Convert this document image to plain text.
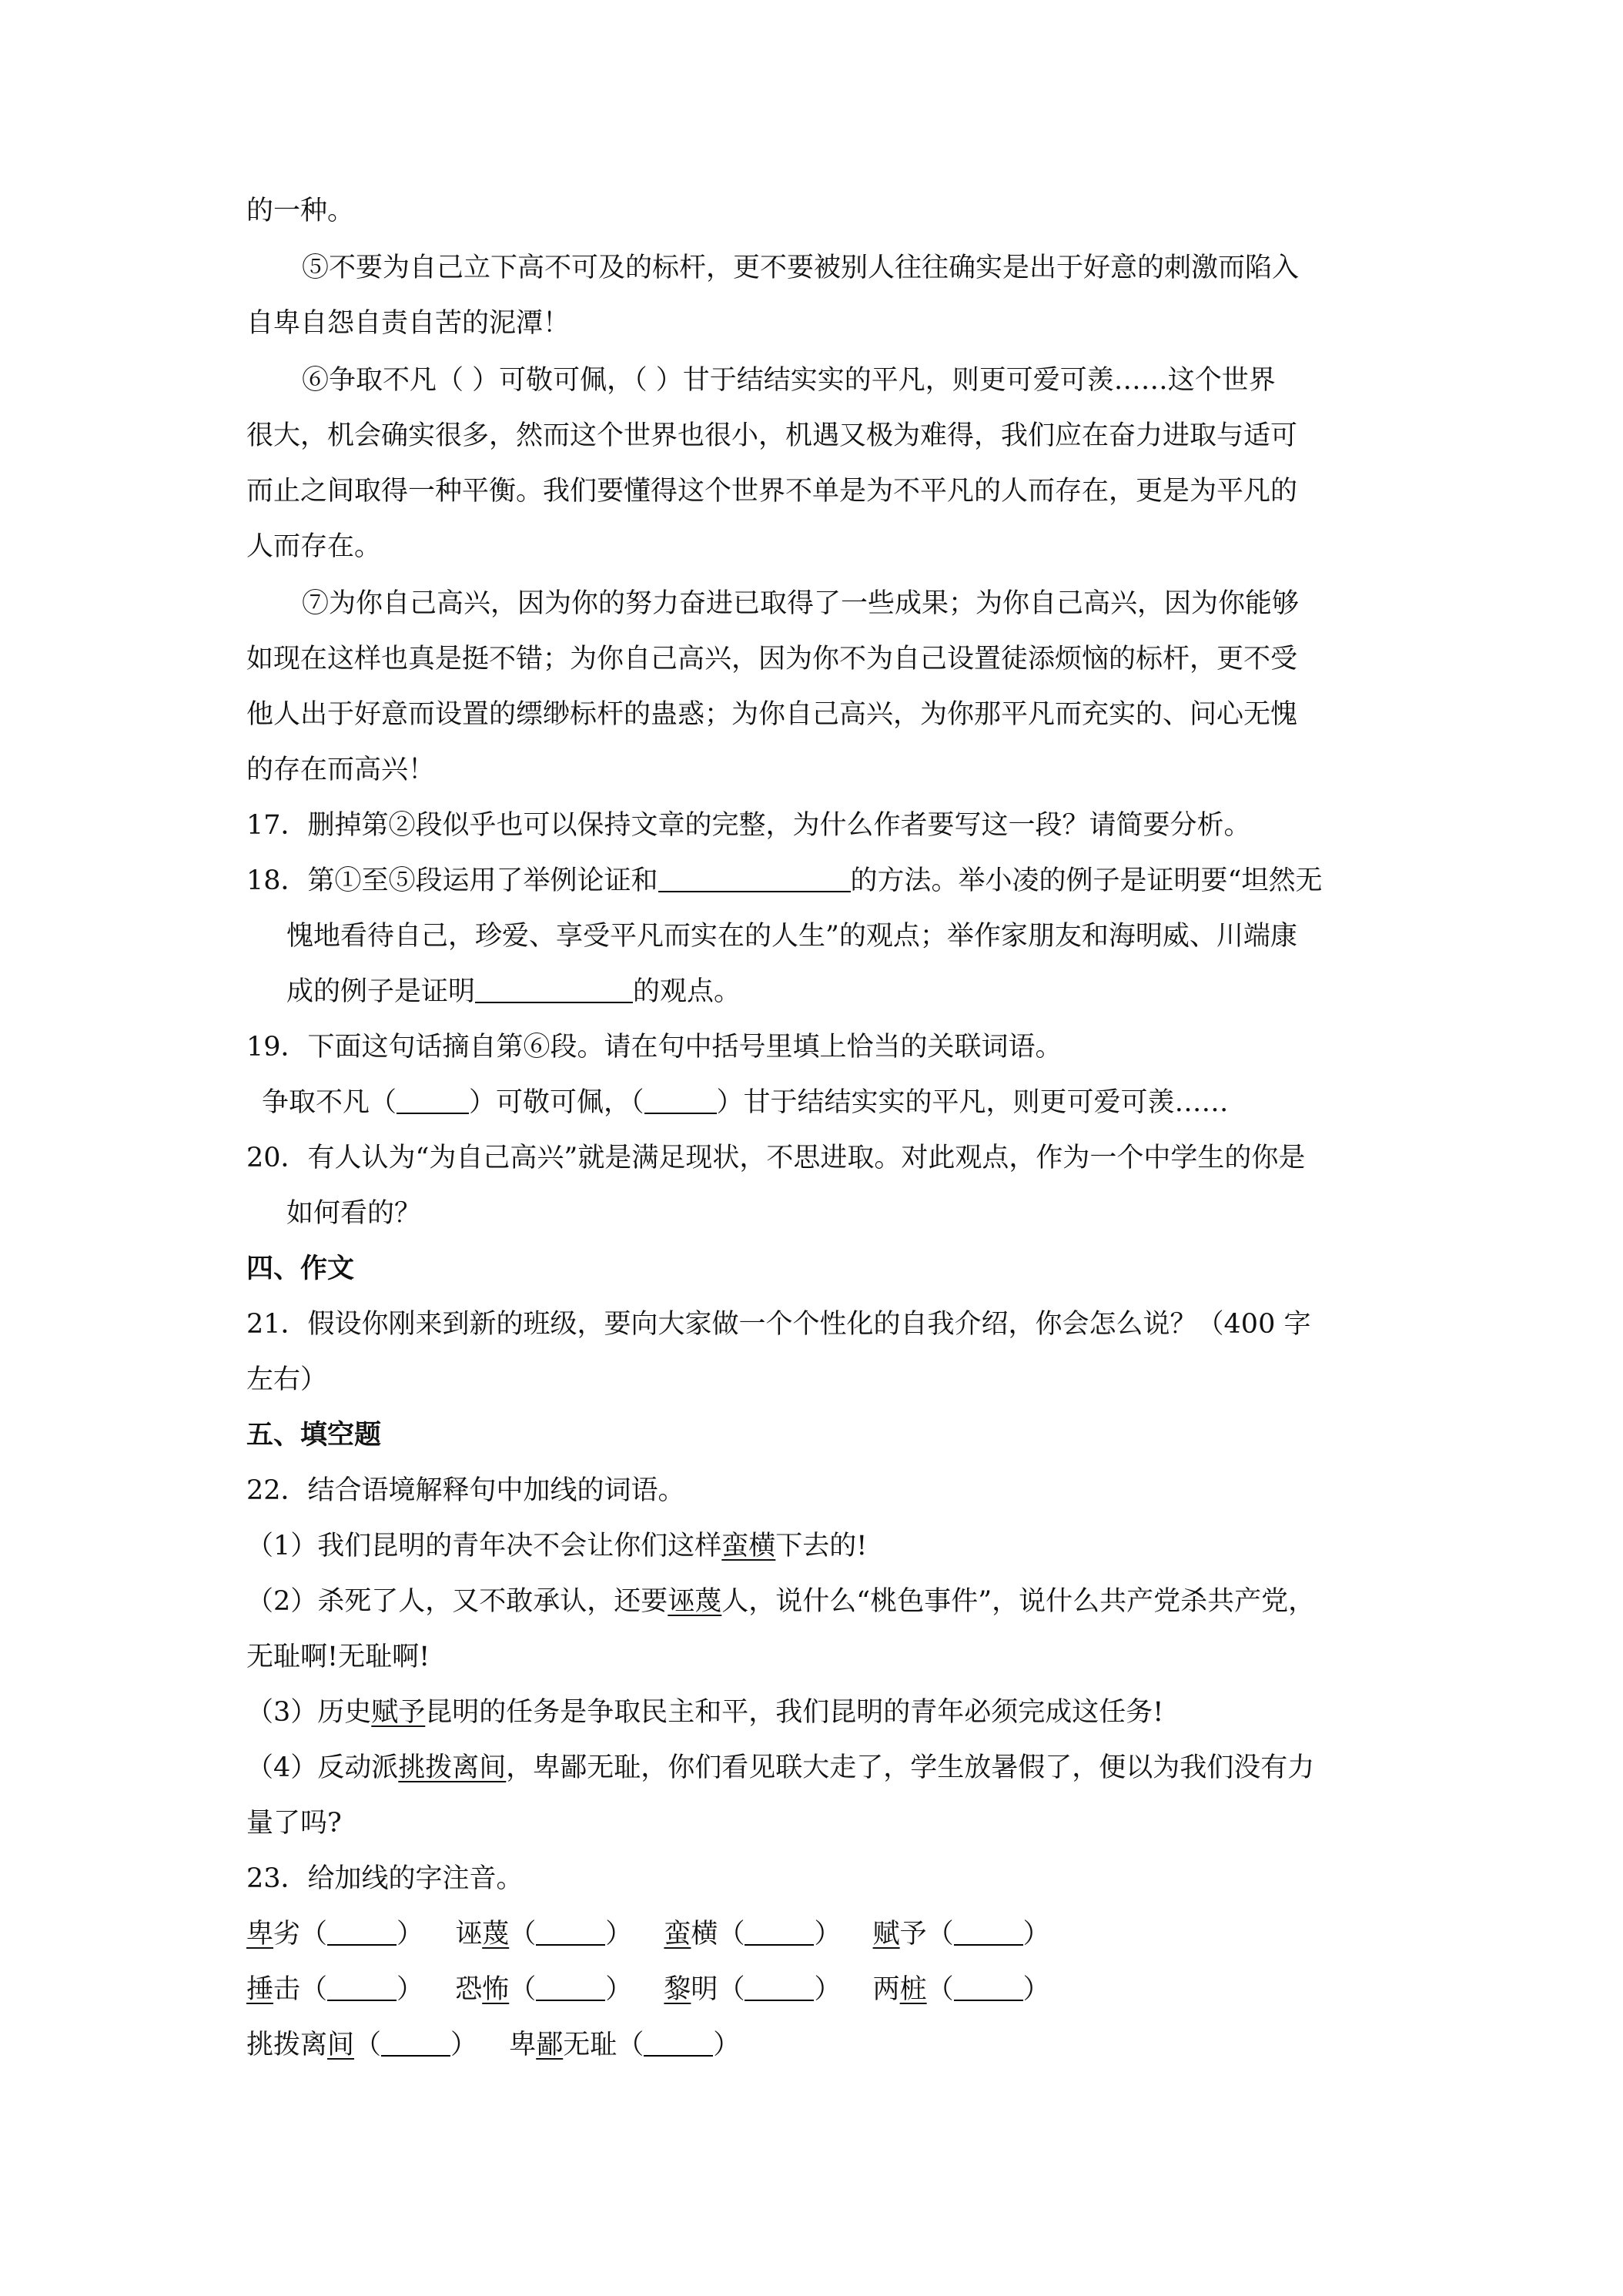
的一种。
⑤不要为自己立下高不可及的标杆，更不要被别人往往确实是出于好意的刺激而陷入
自卑自怨自责自苦的泥潭！
⑥争取不凡（ ）可敬可佩，（ ）甘于结结实实的平凡，则更可爱可羡……这个世界
很大，机会确实很多，然而这个世界也很小，机遇又极为难得，我们应在奋力进取与适可
而止之间取得一种平衡。我们要懂得这个世界不单是为不平凡的人而存在，更是为平凡的
人而存在。
⑦为你自己高兴，因为你的努力奋进已取得了一些成果；为你自己高兴，因为你能够
如现在这样也真是挺不错；为你自己高兴，因为你不为自己设置徒添烦恼的标杆，更不受
他人出于好意而设置的缥缈标杆的蛊惑；为你自己高兴，为你那平凡而充实的、问心无愧
的存在而高兴！
17．删掉第②段似乎也可以保持文章的完整，为什么作者要写这一段？请简要分析。
18．第①至⑤段运用了举例论证和	的方法。举小凌的例子是证明要“坦然无
愧地看待自己，珍爱、享受平凡而实在的人生”的观点；举作家朋友和海明威、川端康
成的例子是证明	的观点。
19．下面这句话摘自第⑥段。请在句中括号里填上恰当的关联词语。
争取不凡（	）可敬可佩，（	）甘于结结实实的平凡，则更可爱可羡……
20．有人认为“为自己高兴”就是满足现状，不思进取。对此观点，作为一个中学生的你是
如何看的？
四、作文
21．假设你刚来到新的班级，要向大家做一个个性化的自我介绍，你会怎么说？（400 字
左右）
五、填空题
22．结合语境解释句中加线的词语。
（1）我们昆明的青年决不会让你们这样蛮横下去的!
（2）杀死了人，又不敢承认，还要诬蔑人，说什么“桃色事件”，说什么共产党杀共产党，
无耻啊!无耻啊!
（3）历史赋予昆明的任务是争取民主和平，我们昆明的青年必须完成这任务!
（4）反动派挑拨离间，卑鄙无耻，你们看见联大走了，学生放暑假了，便以为我们没有力
量了吗?
23．给加线的字注音。
卑劣（	） 诬蔑（	） 蛮横（	） 赋予（	）
捶击（	） 恐怖（	） 黎明（	） 两桩（	）
挑拨离间（	） 卑鄙无耻（	）
